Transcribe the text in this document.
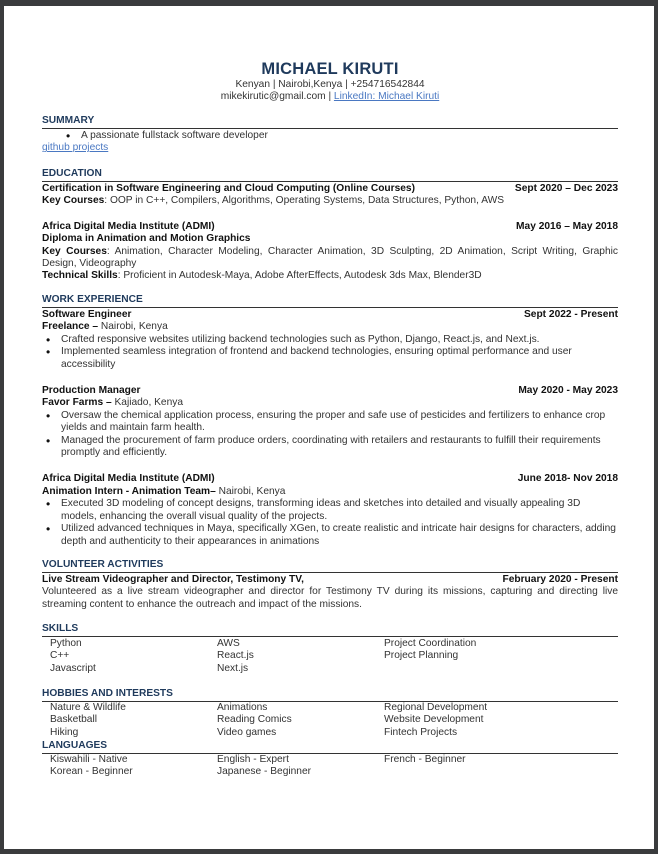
MICHAEL KIRUTI
Kenyan | Nairobi,Kenya | +254716542844
mikekirutic@gmail.com | LinkedIn: Michael Kiruti
SUMMARY
• A passionate fullstack software developer
github projects
EDUCATION
Certification in Software Engineering and Cloud Computing (Online Courses)	Sept 2020 – Dec 2023
Key Courses: OOP in C++, Compilers, Algorithms, Operating Systems, Data Structures, Python, AWS
Africa Digital Media Institute (ADMI)	May 2016 – May 2018
Diploma in Animation and Motion Graphics
Key Courses: Animation, Character Modeling, Character Animation, 3D Sculpting, 2D Animation, Script Writing, Graphic Design, Videography
Technical Skills: Proficient in Autodesk-Maya, Adobe AfterEffects, Autodesk 3ds Max, Blender3D
WORK EXPERIENCE
Software Engineer	Sept 2022 - Present
Freelance – Nairobi, Kenya
• Crafted responsive websites utilizing backend technologies such as Python, Django, React.js, and Next.js.
• Implemented seamless integration of frontend and backend technologies, ensuring optimal performance and user accessibility
Production Manager	May 2020 - May 2023
Favor Farms – Kajiado, Kenya
• Oversaw the chemical application process, ensuring the proper and safe use of pesticides and fertilizers to enhance crop yields and maintain farm health.
• Managed the procurement of farm produce orders, coordinating with retailers and restaurants to fulfill their requirements promptly and efficiently.
Africa Digital Media Institute (ADMI)	June 2018- Nov 2018
Animation Intern - Animation Team– Nairobi, Kenya
• Executed 3D modeling of concept designs, transforming ideas and sketches into detailed and visually appealing 3D models, enhancing the overall visual quality of the projects.
• Utilized advanced techniques in Maya, specifically XGen, to create realistic and intricate hair designs for characters, adding depth and authenticity to their appearances in animations
VOLUNTEER ACTIVITIES
Live Stream Videographer and Director, Testimony TV,	February 2020 - Present
Volunteered as a live stream videographer and director for Testimony TV during its missions, capturing and directing live streaming content to enhance the outreach and impact of the missions.
SKILLS
Python	AWS	Project Coordination
C++	React.js	Project Planning
Javascript	Next.js
HOBBIES AND INTERESTS
Nature & Wildlife	Animations	Regional Development
Basketball	Reading Comics	Website Development
Hiking	Video games	Fintech Projects
LANGUAGES
Kiswahili - Native	English - Expert	French - Beginner
Korean - Beginner	Japanese - Beginner
